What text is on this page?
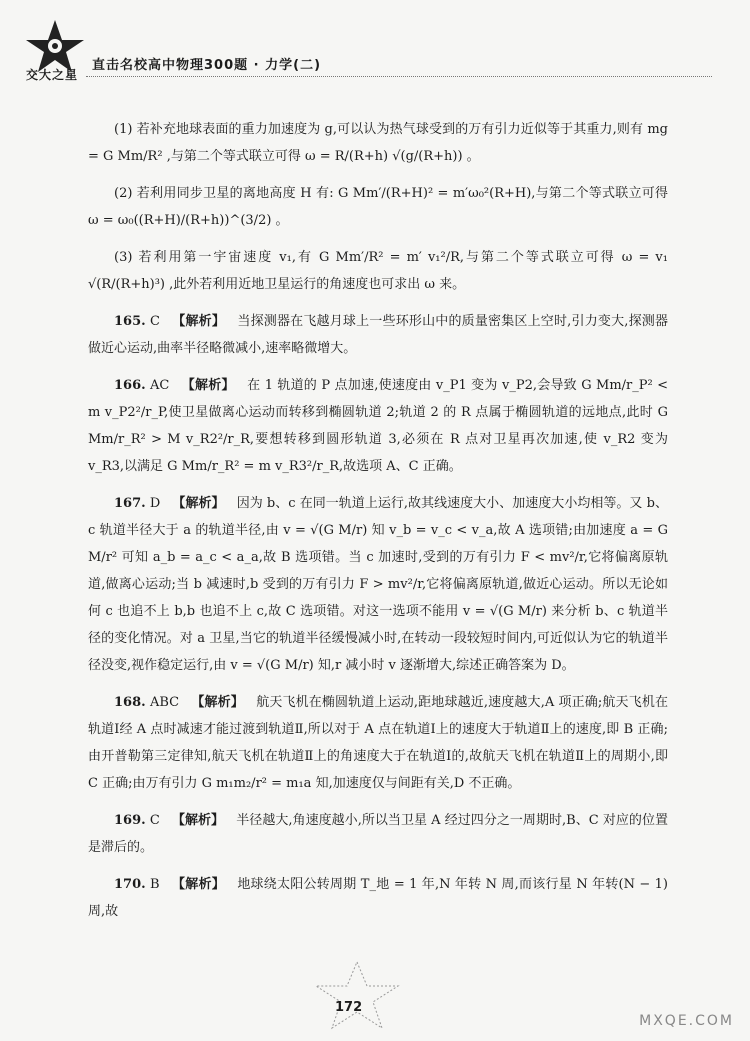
交大之星
直击名校高中物理300题 · 力学(二)

(1) 若补充地球表面的重力加速度为 g,可以认为热气球受到的万有引力近似等于其重力,则有 mg = G Mm/R² ,与第二个等式联立可得 ω = R/(R+h) √(g/(R+h)) 。

(2) 若利用同步卫星的离地高度 H 有: G Mm′/(R+H)² = m′ω₀²(R+H),与第二个等式联立可得 ω = ω₀((R+H)/(R+h))^(3/2) 。

(3) 若利用第一宇宙速度 v₁,有 G Mm′/R² = m′ v₁²/R,与第二个等式联立可得 ω = v₁ √(R/(R+h)³) ,此外若利用近地卫星运行的角速度也可求出 ω 来。

165. C 【解析】 当探测器在飞越月球上一些环形山中的质量密集区上空时,引力变大,探测器做近心运动,曲率半径略微减小,速率略微增大。

166. AC 【解析】 在 1 轨道的 P 点加速,使速度由 v_P1 变为 v_P2,会导致 G Mm/r_P² < m v_P2²/r_P,使卫星做离心运动而转移到椭圆轨道 2;轨道 2 的 R 点属于椭圆轨道的远地点,此时 G Mm/r_R² > M v_R2²/r_R,要想转移到圆形轨道 3,必须在 R 点对卫星再次加速,使 v_R2 变为 v_R3,以满足 G Mm/r_R² = m v_R3²/r_R,故选项 A、C 正确。

167. D 【解析】 因为 b、c 在同一轨道上运行,故其线速度大小、加速度大小均相等。又 b、c 轨道半径大于 a 的轨道半径,由 v = √(G M/r) 知 v_b = v_c < v_a,故 A 选项错;由加速度 a = G M/r² 可知 a_b = a_c < a_a,故 B 选项错。当 c 加速时,受到的万有引力 F < mv²/r,它将偏离原轨道,做离心运动;当 b 减速时,b 受到的万有引力 F > mv²/r,它将偏离原轨道,做近心运动。所以无论如何 c 也追不上 b,b 也追不上 c,故 C 选项错。对这一选项不能用 v = √(G M/r) 来分析 b、c 轨道半径的变化情况。对 a 卫星,当它的轨道半径缓慢减小时,在转动一段较短时间内,可近似认为它的轨道半径没变,视作稳定运行,由 v = √(G M/r) 知,r 减小时 v 逐渐增大,综述正确答案为 D。

168. ABC 【解析】 航天飞机在椭圆轨道上运动,距地球越近,速度越大,A 项正确;航天飞机在轨道Ⅰ经 A 点时减速才能过渡到轨道Ⅱ,所以对于 A 点在轨道Ⅰ上的速度大于轨道Ⅱ上的速度,即 B 正确;由开普勒第三定律知,航天飞机在轨道Ⅱ上的角速度大于在轨道Ⅰ的,故航天飞机在轨道Ⅱ上的周期小,即 C 正确;由万有引力 G m₁m₂/r² = m₁a 知,加速度仅与间距有关,D 不正确。

169. C 【解析】 半径越大,角速度越小,所以当卫星 A 经过四分之一周期时,B、C 对应的位置是滞后的。

170. B 【解析】 地球绕太阳公转周期 T_地 = 1 年,N 年转 N 周,而该行星 N 年转(N − 1)周,故

172
MXQE.COM
